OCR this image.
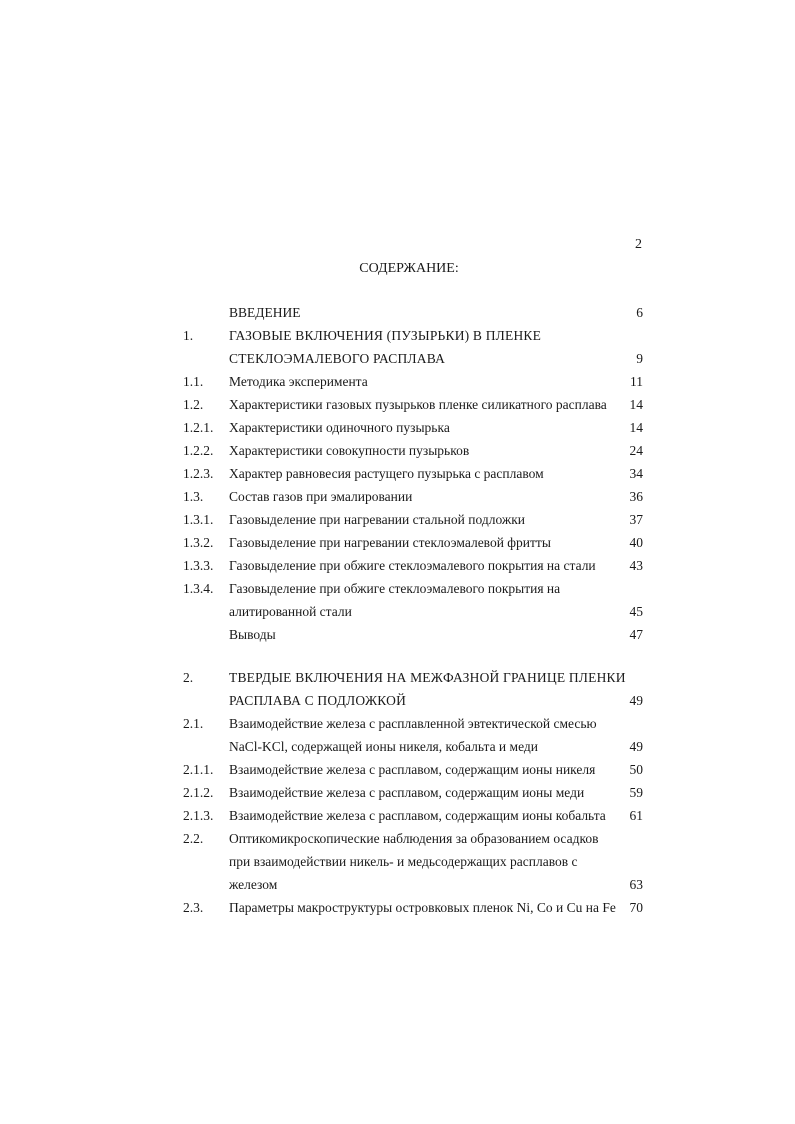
2
СОДЕРЖАНИЕ:
ВВЕДЕНИЕ	6
1.	ГАЗОВЫЕ ВКЛЮЧЕНИЯ (ПУЗЫРЬКИ) В ПЛЕНКЕ
СТЕКЛОЭМАЛЕВОГО РАСПЛАВА	9
1.1. Методика эксперимента	11
1.2. Характеристики газовых пузырьков пленке силикатного расплава 14
1.2.1. Характеристики одиночного пузырька	14
1.2.2. Характеристики совокупности пузырьков	24
1.2.3. Характер равновесия растущего пузырька с расплавом	34
1.3. Состав газов при эмалировании	36
1.3.1. Газовыделение при нагревании стальной подложки	37
1.3.2. Газовыделение при нагревании стеклоэмалевой фритты	40
1.3.3. Газовыделение при обжиге стеклоэмалевого покрытия на стали	43
1.3.4. Газовыделение при обжиге стеклоэмалевого покрытия на
алитированной стали	45
Выводы	47
2.	ТВЕРДЫЕ ВКЛЮЧЕНИЯ НА МЕЖФАЗНОЙ ГРАНИЦЕ ПЛЕНКИ
РАСПЛАВА С ПОДЛОЖКОЙ	49
2.1. Взаимодействие железа с расплавленной эвтектической смесью
NaCl-KCl, содержащей ионы никеля, кобальта и меди	49
2.1.1. Взаимодействие железа с расплавом, содержащим ионы никеля	50
2.1.2. Взаимодействие железа с расплавом, содержащим ионы меди	59
2.1.3. Взаимодействие железа с расплавом, содержащим ионы кобальта 61
2.2. Оптикомикроскопические наблюдения за образованием осадков
при взаимодействии никель- и медьсодержащих расплавов с
железом	63
2.3. Параметры макроструктуры островковых пленок Ni, Co и Cu на Fe 70
